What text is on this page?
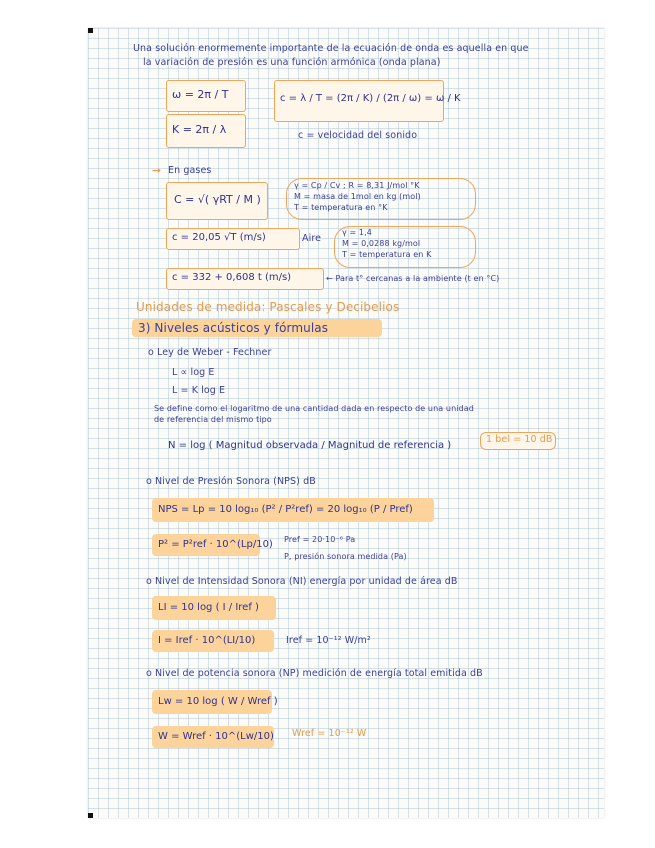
Una solución enormemente importante de la ecuación de onda es aquella en que
la variación de presión es una función armónica (onda plana)
ω = 2π / T
K = 2π / λ
c = λ / T = (2π / K) / (2π / ω) = ω / K
c = velocidad del sonido
➙ En gases
C = √( γRT / M )
γ = Cp / Cv ; R = 8,31 J/mol °K
M = masa de 1mol en kg (mol)
T = temperatura en °K
c = 20,05 √T (m/s)	Aire
γ = 1,4
M = 0,0288 kg/mol
T = temperatura en K
c = 332 + 0,608 t (m/s)	← Para t° cercanas a la ambiente (t en °C)
Unidades de medida: Pascales y Decibelios
3) Niveles acústicos y fórmulas
o Ley de Weber - Fechner
L ∝ log E
L = K log E
Se define como el logaritmo de una cantidad dada en respecto de una unidad
de referencia del mismo tipo
N = log ( Magnitud observada / Magnitud de referencia )
1 bel = 10 dB
o Nivel de Presión Sonora (NPS) dB
NPS = Lp = 10 log₁₀ (P² / P²ref) = 20 log₁₀ (P / Pref)
P² = P²ref · 10^(Lp/10) Pref = 20·10⁻⁶ Pa
P, presión sonora medida (Pa)
o Nivel de Intensidad Sonora (NI) energía por unidad de área dB
LI = 10 log ( I / Iref )
I = Iref · 10^(LI/10)	Iref = 10⁻¹² W/m²
o Nivel de potencia sonora (NP) medición de energía total emitida dB
Lw = 10 log ( W / Wref )
W = Wref · 10^(Lw/10) Wref = 10⁻¹² W
